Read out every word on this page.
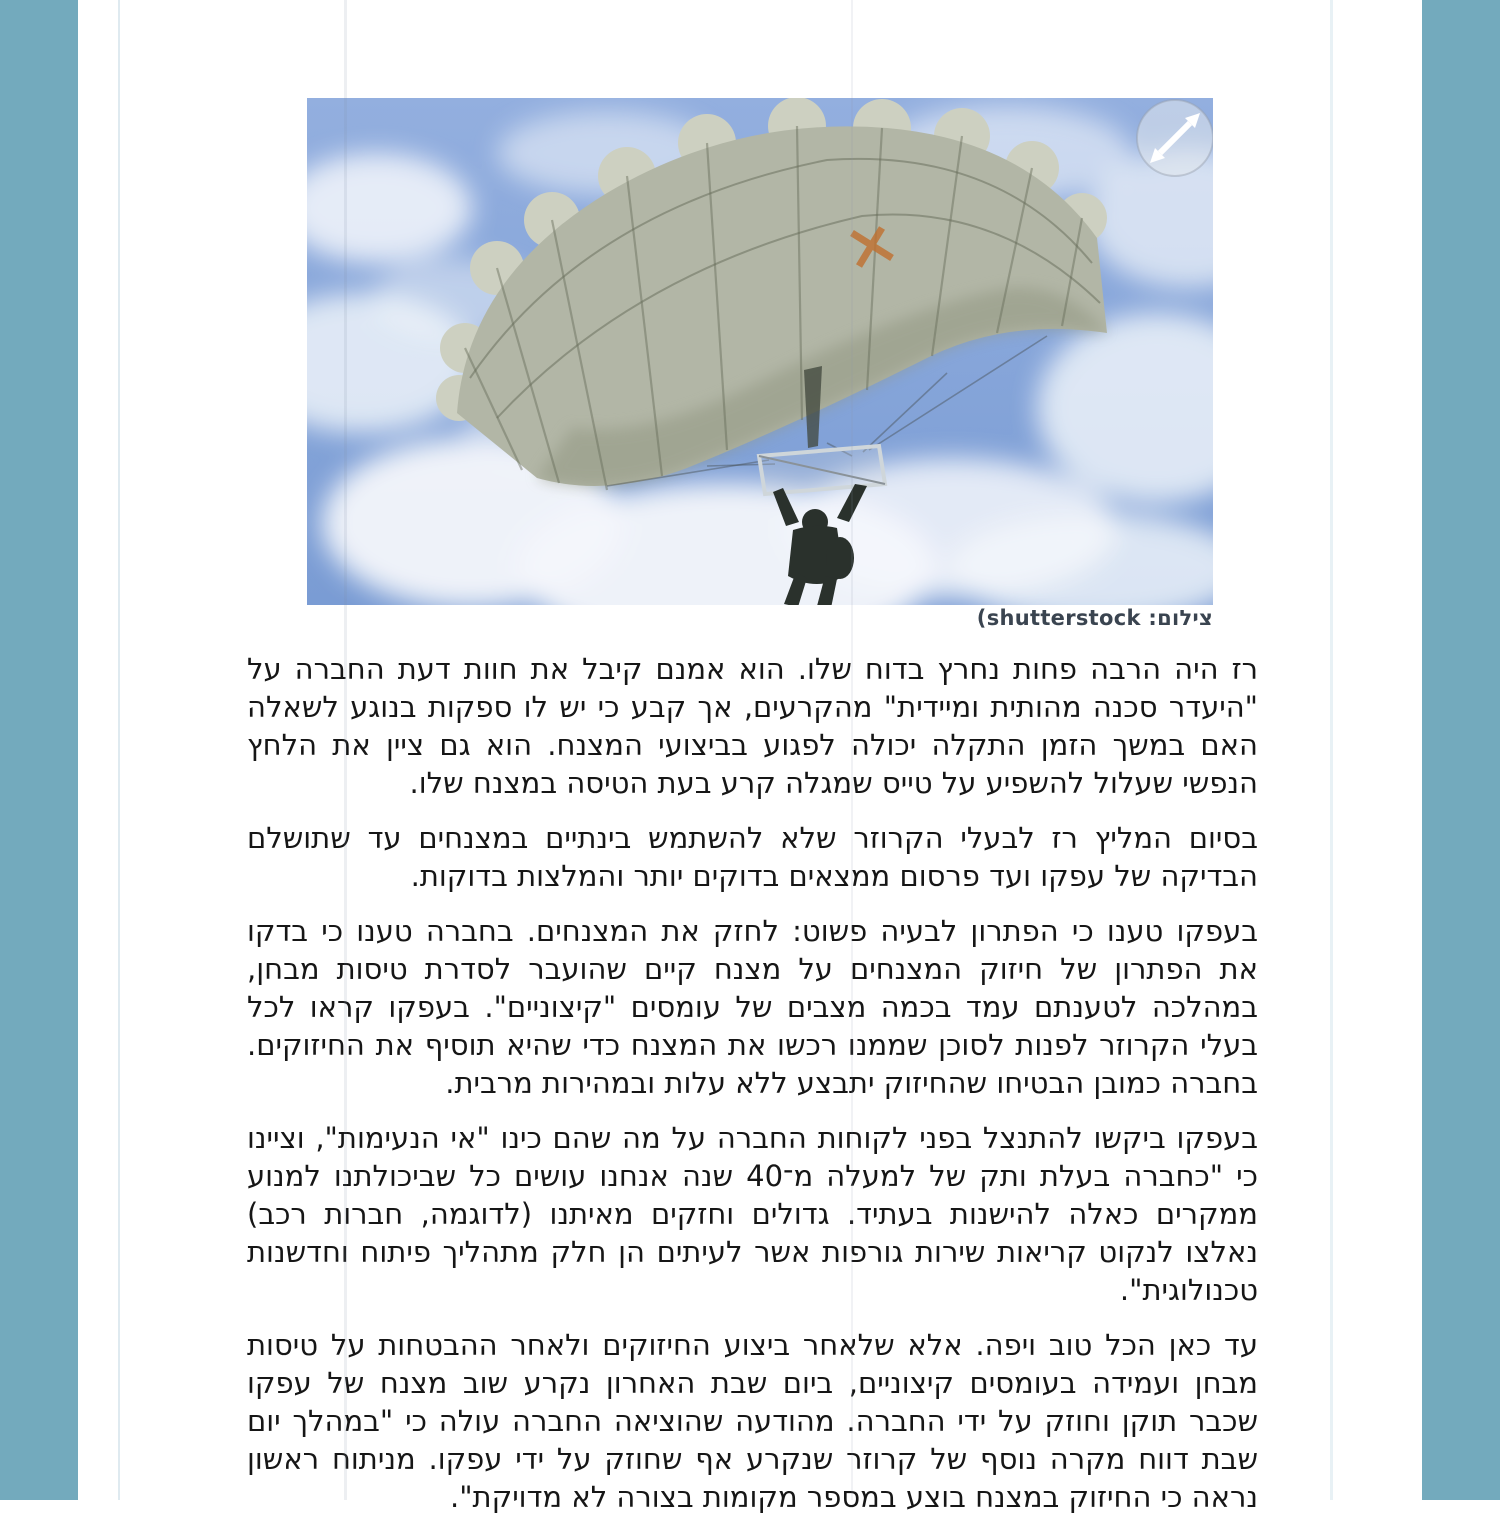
(shutterstock :צילום

רז היה הרבה פחות נחרץ בדוח שלו. הוא אמנם קיבל את חוות דעת החברה על "היעדר סכנה מהותית ומיידית" מהקרעים, אך קבע כי יש לו ספקות בנוגע לשאלה האם במשך הזמן התקלה יכולה לפגוע בביצועי המצנח. הוא גם ציין את הלחץ הנפשי שעלול להשפיע על טייס שמגלה קרע בעת הטיסה במצנח שלו.

בסיום המליץ רז לבעלי הקרוזר שלא להשתמש בינתיים במצנחים עד שתושלם הבדיקה של עפקו ועד פרסום ממצאים בדוקים יותר והמלצות בדוקות.

בעפקו טענו כי הפתרון לבעיה פשוט: לחזק את המצנחים. בחברה טענו כי בדקו את הפתרון של חיזוק המצנחים על מצנח קיים שהועבר לסדרת טיסות מבחן, במהלכה לטענתם עמד בכמה מצבים של עומסים "קיצוניים". בעפקו קראו לכל בעלי הקרוזר לפנות לסוכן שממנו רכשו את המצנח כדי שהיא תוסיף את החיזוקים. בחברה כמובן הבטיחו שהחיזוק יתבצע ללא עלות ובמהירות מרבית.

בעפקו ביקשו להתנצל בפני לקוחות החברה על מה שהם כינו "אי הנעימות", וציינו כי "כחברה בעלת ותק של למעלה מ־40 שנה אנחנו עושים כל שביכולתנו למנוע ממקרים כאלה להישנות בעתיד. גדולים וחזקים מאיתנו (לדוגמה, חברות רכב) נאלצו לנקוט קריאות שירות גורפות אשר לעיתים הן חלק מתהליך פיתוח וחדשנות טכנולוגית".

עד כאן הכל טוב ויפה. אלא שלאחר ביצוע החיזוקים ולאחר ההבטחות על טיסות מבחן ועמידה בעומסים קיצוניים, ביום שבת האחרון נקרע שוב מצנח של עפקו שכבר תוקן וחוזק על ידי החברה. מהודעה שהוציאה החברה עולה כי "במהלך יום שבת דווח מקרה נוסף של קרוזר שנקרע אף שחוזק על ידי עפקו. מניתוח ראשון נראה כי החיזוק במצנח בוצע במספר מקומות בצורה לא מדויקת".
